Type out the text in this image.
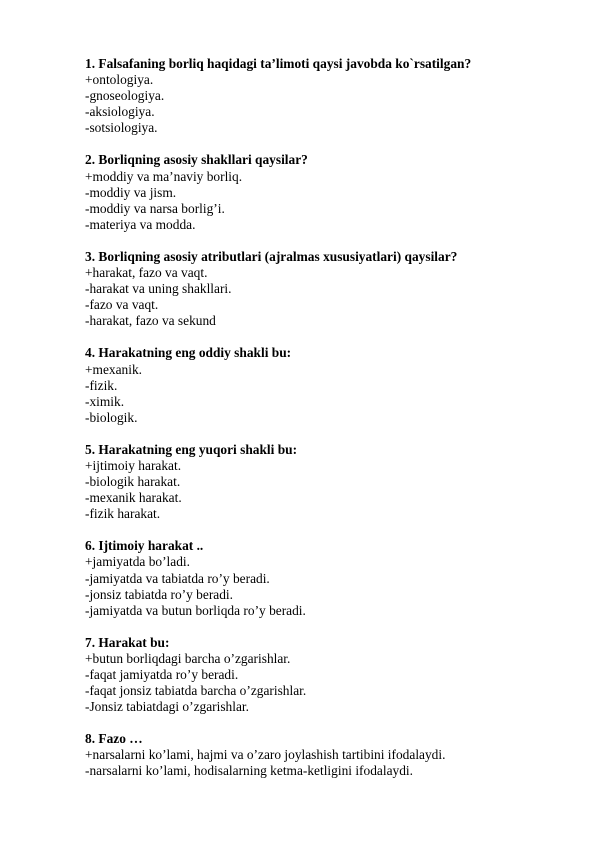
1. Falsafaning borliq haqidagi ta’limoti qaysi javobda ko`rsatilgan?
+ontologiya.
-gnoseologiya.
-aksiologiya.
-sotsiologiya.
2. Borliqning asosiy shakllari qaysilar?
+moddiy va ma’naviy borliq.
-moddiy va jism.
-moddiy va narsa borlig’i.
-materiya va modda.
3. Borliqning asosiy atributlari (ajralmas xususiyatlari) qaysilar?
+harakat, fazo va vaqt.
-harakat va uning shakllari.
-fazo va vaqt.
-harakat, fazo va sekund
4. Harakatning eng oddiy shakli bu:
+mexanik.
-fizik.
-ximik.
-biologik.
5. Harakatning eng yuqori shakli bu:
+ijtimoiy harakat.
-biologik harakat.
-mexanik harakat.
-fizik harakat.
6. Ijtimoiy harakat ..
+jamiyatda bo’ladi.
-jamiyatda va tabiatda ro’y beradi.
-jonsiz tabiatda ro’y beradi.
-jamiyatda va butun borliqda ro’y beradi.
7. Harakat bu:
+butun borliqdagi barcha o’zgarishlar.
-faqat jamiyatda ro’y beradi.
-faqat jonsiz tabiatda barcha o’zgarishlar.
-Jonsiz tabiatdagi o’zgarishlar.
8. Fazo …
+narsalarni ko’lami, hajmi va o’zaro joylashish tartibini ifodalaydi.
-narsalarni ko’lami, hodisalarning ketma-ketligini ifodalaydi.
